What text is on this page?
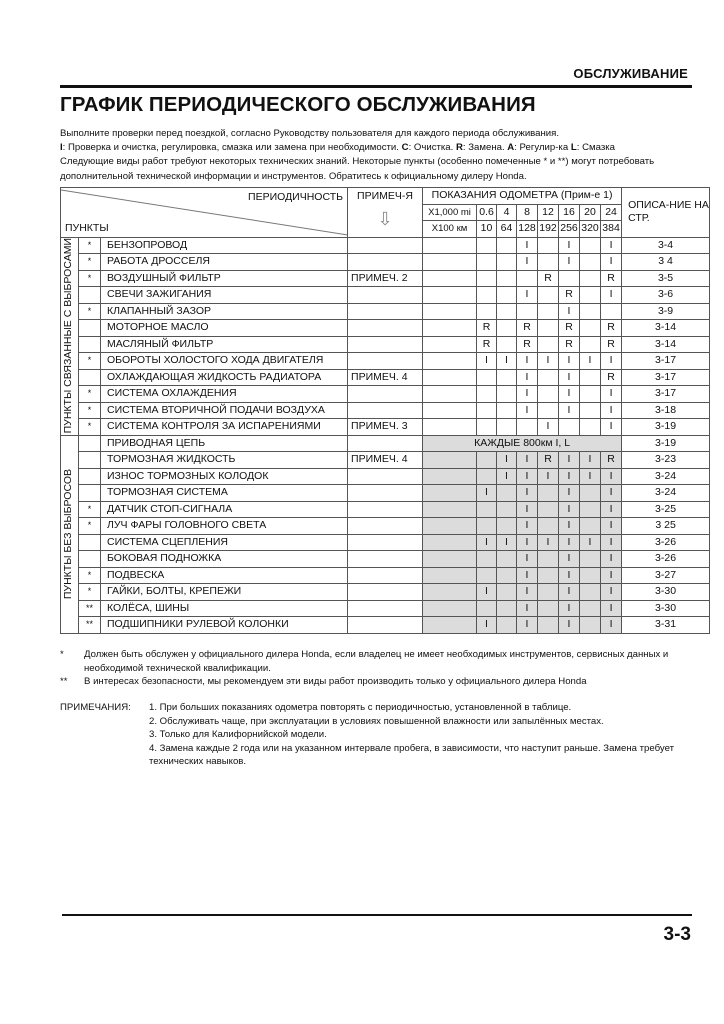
ОБСЛУЖИВАНИЕ
ГРАФИК ПЕРИОДИЧЕСКОГО ОБСЛУЖИВАНИЯ
Выполните проверки перед поездкой, согласно Руководству пользователя для каждого периода обслуживания.
I: Проверка и очистка, регулировка, смазка или замена при необходимости. C: Очистка. R: Замена. A: Регулир-ка L: Смазка
Следующие виды работ требуют некоторых технических знаний. Некоторые пункты (особенно помеченные * и **) могут потребовать дополнительной технической информации и инструментов. Обратитесь к официальному дилеру Honda.
ПЕРИОДИЧНОСТЬ
ПУНКТЫ

ПРИМЕЧ-Я
⇩
	ПОКАЗАНИЯ ОДОМЕТРА (Прим-е 1)	ОПИСА-НИЕ НА СТР.
				X1,000 mi	0.6	4	8	12	16	20	24	
				X100 км	10	64	128	192	256	320	384	

ПУНКТЫ СВЯЗАННЫЕ С ВЫБРОСАМИ	*	БЕНЗОПРОВОД					I		I		I	3-4
	*	РАБОТА ДРОССЕЛЯ					I		I		I	3 4
	*	ВОЗДУШНЫЙ ФИЛЬТР	ПРИМЕЧ. 2					R			R	3-5
		СВЕЧИ ЗАЖИГАНИЯ					I		R		I	3-6
	*	КЛАПАННЫЙ ЗАЗОР							I			3-9
		МОТОРНОЕ МАСЛО			R		R		R		R	3-14
		МАСЛЯНЫЙ ФИЛЬТР			R		R		R		R	3-14
	*	ОБОРОТЫ ХОЛОСТОГО ХОДА ДВИГАТЕЛЯ			I	I	I	I	I	I	I	3-17
		ОХЛАЖДАЮЩАЯ ЖИДКОСТЬ РАДИАТОРА	ПРИМЕЧ. 4				I		I		R	3-17
	*	СИСТЕМА ОХЛАЖДЕНИЯ					I		I		I	3-17
	*	СИСТЕМА ВТОРИЧНОЙ ПОДАЧИ ВОЗДУХА					I		I		I	3-18
	*	СИСТЕМА КОНТРОЛЯ ЗА ИСПАРЕНИЯМИ	ПРИМЕЧ. 3					I			I	3-19

ПУНКТЫ БЕЗ ВЫБРОСОВ		ПРИВОДНАЯ ЦЕПЬ		КАЖДЫЕ 800км I, L								3-19
		ТОРМОЗНАЯ ЖИДКОСТЬ	ПРИМЕЧ. 4			I	I	R	I	I	R	3-23
		ИЗНОС ТОРМОЗНЫХ КОЛОДОК				I	I	I	I	I	I	3-24
		ТОРМОЗНАЯ СИСТЕМА			I		I		I		I	3-24
	*	ДАТЧИК СТОП-СИГНАЛА					I		I		I	3-25
	*	ЛУЧ ФАРЫ ГОЛОВНОГО СВЕТА					I		I		I	3 25
		СИСТЕМА СЦЕПЛЕНИЯ			I	I	I	I	I	I	I	3-26
		БОКОВАЯ ПОДНОЖКА					I		I		I	3-26
	*	ПОДВЕСКА					I		I		I	3-27
	*	ГАЙКИ, БОЛТЫ, КРЕПЕЖИ			I		I		I		I	3-30
	**	КОЛЁСА, ШИНЫ					I		I		I	3-30
	**	ПОДШИПНИКИ РУЛЕВОЙ КОЛОНКИ			I		I		I		I	3-31
*	Должен быть обслужен у официального дилера Honda, если владелец не имеет необходимых инструментов, сервисных данных и необходимой технической квалификации.
**	В интересах безопасности, мы рекомендуем эти виды работ производить только у официального дилера Honda
ПРИМЕЧАНИЯ:	1. При больших показаниях одометра повторять с периодичностью, установленной в таблице.
2. Обслуживать чаще, при эксплуатации в условиях повышенной влажности или запылённых местах.
3. Только для Калифорнийской модели.
4. Замена каждые 2 года или на указанном интервале пробега, в зависимости, что наступит раньше. Замена требует технических навыков.
3-3
